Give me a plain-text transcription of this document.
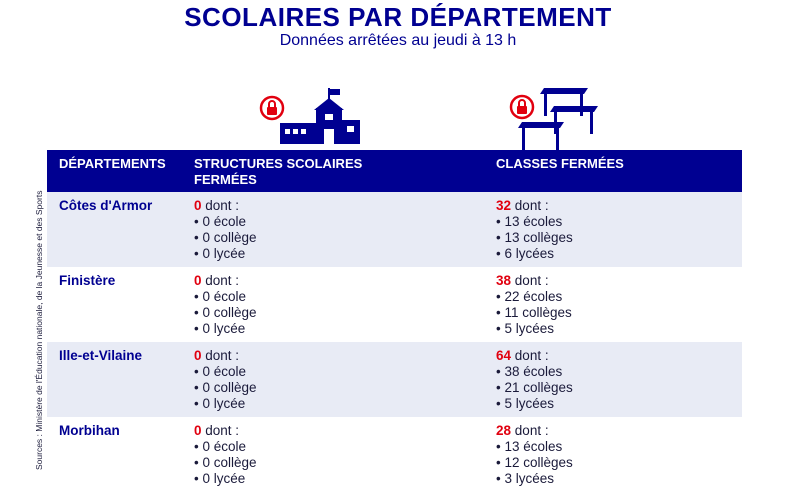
SCOLAIRES PAR DÉPARTEMENT
Données arrêtées au jeudi à 13 h
Sources : Ministère de l'Éducation nationale, de la Jeunesse et des Sports
DÉPARTEMENTS	STRUCTURES SCOLAIRES FERMÉES	CLASSES FERMÉES
Côtes d'Armor	0 dont :
• 0 école
• 0 collège
• 0 lycée	32 dont :
• 13 écoles
• 13 collèges
• 6 lycées

Finistère	0 dont :
• 0 école
• 0 collège
• 0 lycée	38 dont :
• 22 écoles
• 11 collèges
• 5 lycées

Ille-et-Vilaine	0 dont :
• 0 école
• 0 collège
• 0 lycée	64 dont :
• 38 écoles
• 21 collèges
• 5 lycées

Morbihan	0 dont :
• 0 école
• 0 collège
• 0 lycée	28 dont :
• 13 écoles
• 12 collèges
• 3 lycées
